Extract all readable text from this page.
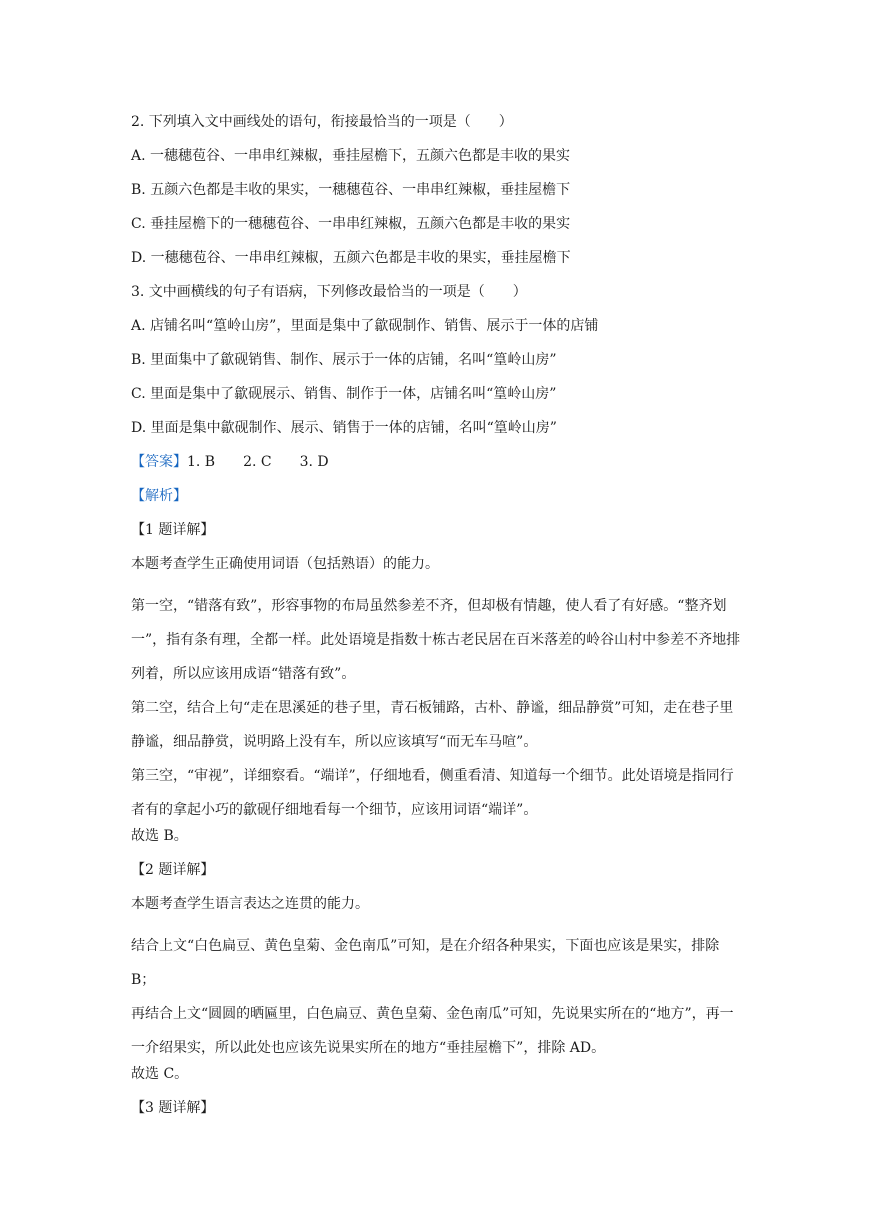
2. 下列填入文中画线处的语句，衔接最恰当的一项是（　　）
A. 一穗穗苞谷、一串串红辣椒，垂挂屋檐下，五颜六色都是丰收的果实
B. 五颜六色都是丰收的果实，一穗穗苞谷、一串串红辣椒，垂挂屋檐下
C. 垂挂屋檐下的一穗穗苞谷、一串串红辣椒，五颜六色都是丰收的果实
D. 一穗穗苞谷、一串串红辣椒，五颜六色都是丰收的果实，垂挂屋檐下
3. 文中画横线的句子有语病，下列修改最恰当的一项是（　　）
A. 店铺名叫“篁岭山房”，里面是集中了歙砚制作、销售、展示于一体的店铺
B. 里面集中了歙砚销售、制作、展示于一体的店铺，名叫“篁岭山房”
C. 里面是集中了歙砚展示、销售、制作于一体，店铺名叫“篁岭山房”
D. 里面是集中歙砚制作、展示、销售于一体的店铺，名叫“篁岭山房”
【答案】1. B　　2. C　　3. D
【解析】
【1 题详解】
本题考查学生正确使用词语（包括熟语）的能力。
第一空，“错落有致”，形容事物的布局虽然参差不齐，但却极有情趣，使人看了有好感。“整齐划一”，指有条有理，全都一样。此处语境是指数十栋古老民居在百米落差的岭谷山村中参差不齐地排列着，所以应该用成语“错落有致”。
第二空，结合上句“走在思溪延的巷子里，青石板铺路，古朴、静谧，细品静赏”可知，走在巷子里静谧，细品静赏，说明路上没有车，所以应该填写“而无车马喧”。
第三空，“审视”，详细察看。“端详”，仔细地看，侧重看清、知道每一个细节。此处语境是指同行者有的拿起小巧的歙砚仔细地看每一个细节，应该用词语“端详”。
故选 B。
【2 题详解】
本题考查学生语言表达之连贯的能力。
结合上文“白色扁豆、黄色皇菊、金色南瓜”可知，是在介绍各种果实，下面也应该是果实，排除 B；
再结合上文“圆圆的晒匾里，白色扁豆、黄色皇菊、金色南瓜”可知，先说果实所在的“地方”，再一一介绍果实，所以此处也应该先说果实所在的地方“垂挂屋檐下”，排除 AD。
故选 C。
【3 题详解】
